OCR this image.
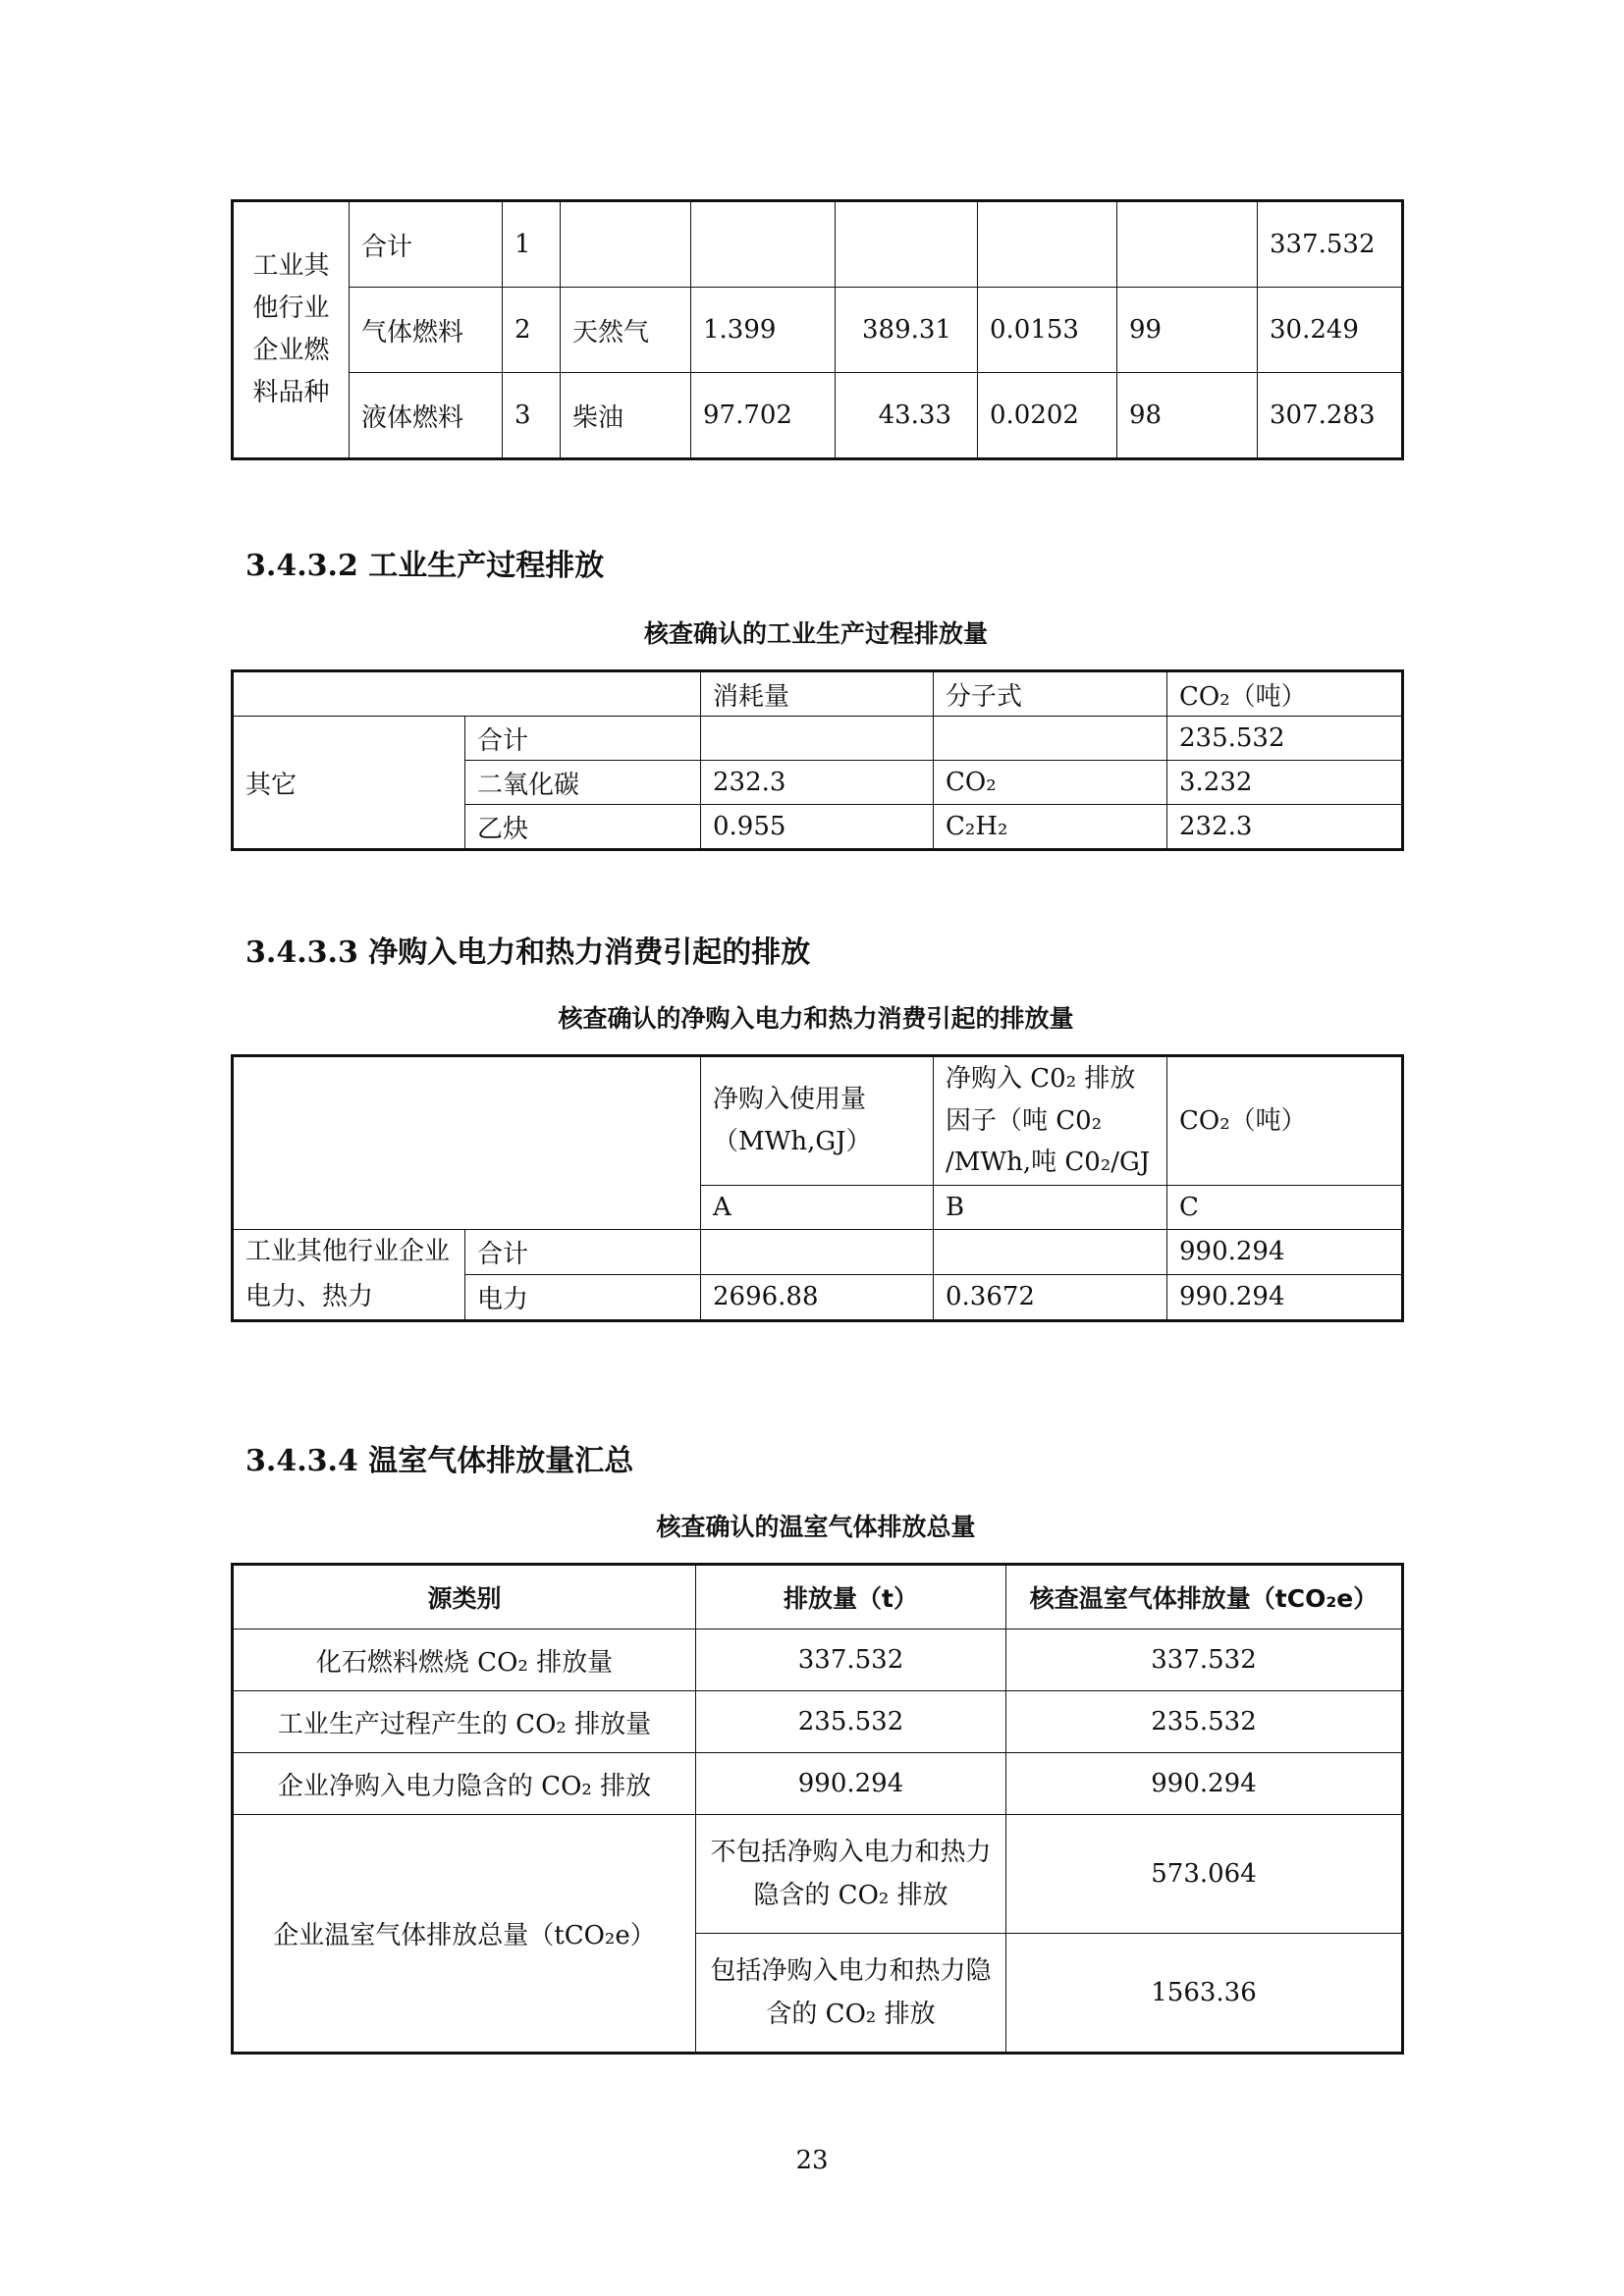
工业其他行业企业燃料品种	合计	1						337.532
	气体燃料	2	天然气	1.399	389.31	0.0153	99	30.249
	液体燃料	3	柴油	97.702	43.33	0.0202	98	307.283
3.4.3.2 工业生产过程排放

核查确认的工业生产过程排放量

		消耗量	分子式	CO₂（吨）
其它	合计			235.532
	二氧化碳	232.3	CO₂	3.232
	乙炔	0.955	C₂H₂	232.3
3.4.3.3 净购入电力和热力消费引起的排放

核查确认的净购入电力和热力消费引起的排放量

		净购入使用量（MWh,GJ）	净购入 C0₂ 排放因子（吨 C0₂ /MWh,吨 C0₂/GJ	CO₂（吨）
		A	B	C
工业其他行业企业电力、热力	合计			990.294
	电力	2696.88	0.3672	990.294
3.4.3.4 温室气体排放量汇总

核查确认的温室气体排放总量

源类别	排放量（t）	核查温室气体排放量（tCO₂e）
化石燃料燃烧 CO₂ 排放量	337.532	337.532
工业生产过程产生的 CO₂ 排放量	235.532	235.532
企业净购入电力隐含的 CO₂ 排放	990.294	990.294
企业温室气体排放总量（tCO₂e）	不包括净购入电力和热力隐含的 CO₂ 排放	573.064
	包括净购入电力和热力隐含的 CO₂ 排放	1563.36
23
